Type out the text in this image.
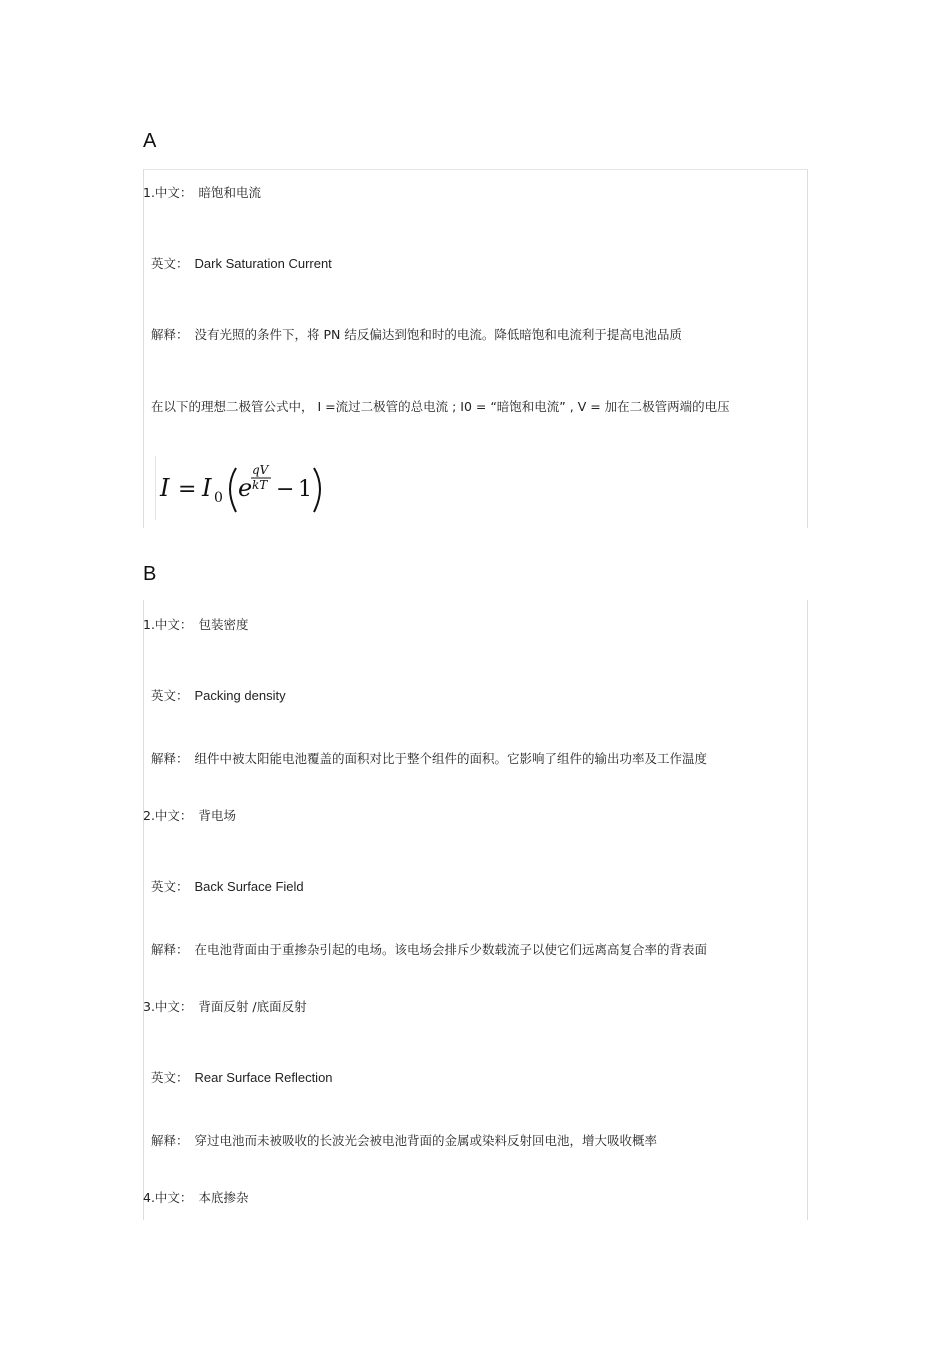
A
1.中文： 暗饱和电流
英文： Dark Saturation Current
解释： 没有光照的条件下，将 PN 结反偏达到饱和时的电流。降低暗饱和电流利于提高电池品质
在以下的理想二极管公式中， I =流过二极管的总电流 ; I0 = “暗饱和电流” , V = 加在二极管两端的电压
I = I 0 e
qV
kT − 1
B
1.中文： 包装密度
英文： Packing density
解释： 组件中被太阳能电池覆盖的面积对比于整个组件的面积。它影响了组件的输出功率及工作温度
2.中文： 背电场
英文： Back Surface Field
解释： 在电池背面由于重掺杂引起的电场。该电场会排斥少数载流子以使它们远离高复合率的背表面
3.中文： 背面反射 /底面反射
英文： Rear Surface Reflection
解释： 穿过电池而未被吸收的长波光会被电池背面的金属或染料反射回电池，增大吸收概率
4.中文： 本底掺杂
